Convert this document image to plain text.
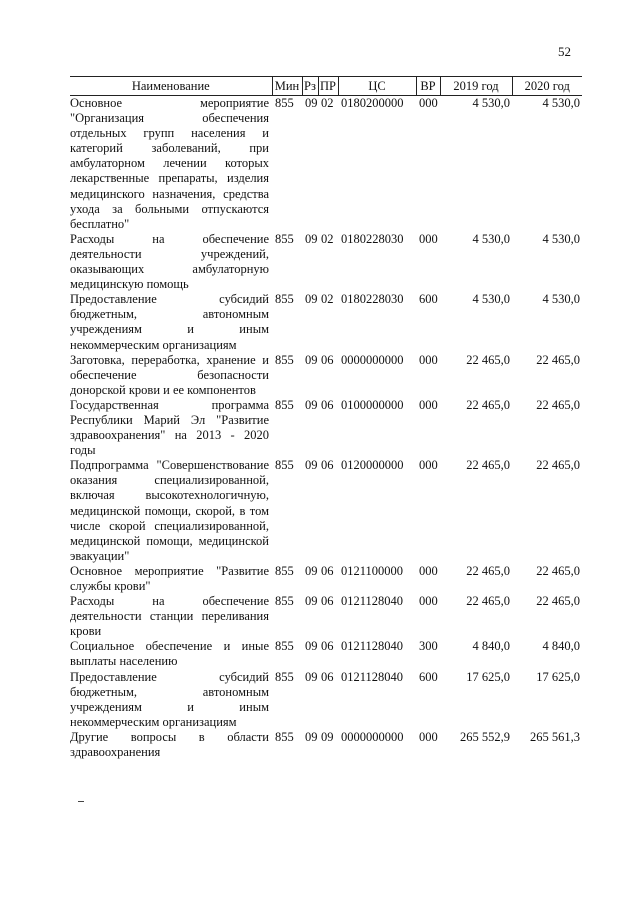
52
Наименование	Мин	Рз	ПР	ЦС	ВР	2019 год	2020 год
Основное мероприятие "Организация обеспечения отдельных групп населения и категорий заболеваний, при амбулаторном лечении которых лекарственные препараты, изделия медицинского назначения, средства ухода за больными отпускаются бесплатно"	855	09	02	0180200000	000	4 530,0	4 530,0
Расходы на обеспечение деятельности учреждений, оказывающих амбулаторную медицинскую помощь	855	09	02	0180228030	000	4 530,0	4 530,0
Предоставление субсидий бюджетным, автономным учреждениям и иным некоммерческим организациям	855	09	02	0180228030	600	4 530,0	4 530,0
Заготовка, переработка, хранение и обеспечение безопасности донорской крови и ее компонентов	855	09	06	0000000000	000	22 465,0	22 465,0
Государственная программа Республики Марий Эл "Развитие здравоохранения" на 2013 - 2020 годы	855	09	06	0100000000	000	22 465,0	22 465,0
Подпрограмма "Совершенствование оказания специализированной, включая высокотехнологичную, медицинской помощи, скорой, в том числе скорой специализированной, медицинской помощи, медицинской эвакуации"	855	09	06	0120000000	000	22 465,0	22 465,0
Основное мероприятие "Развитие службы крови"	855	09	06	0121100000	000	22 465,0	22 465,0
Расходы на обеспечение деятельности станции переливания крови	855	09	06	0121128040	000	22 465,0	22 465,0
Социальное обеспечение и иные выплаты населению	855	09	06	0121128040	300	4 840,0	4 840,0
Предоставление субсидий бюджетным, автономным учреждениям и иным некоммерческим организациям	855	09	06	0121128040	600	17 625,0	17 625,0
Другие вопросы в области здравоохранения	855	09	09	0000000000	000	265 552,9	265 561,3
